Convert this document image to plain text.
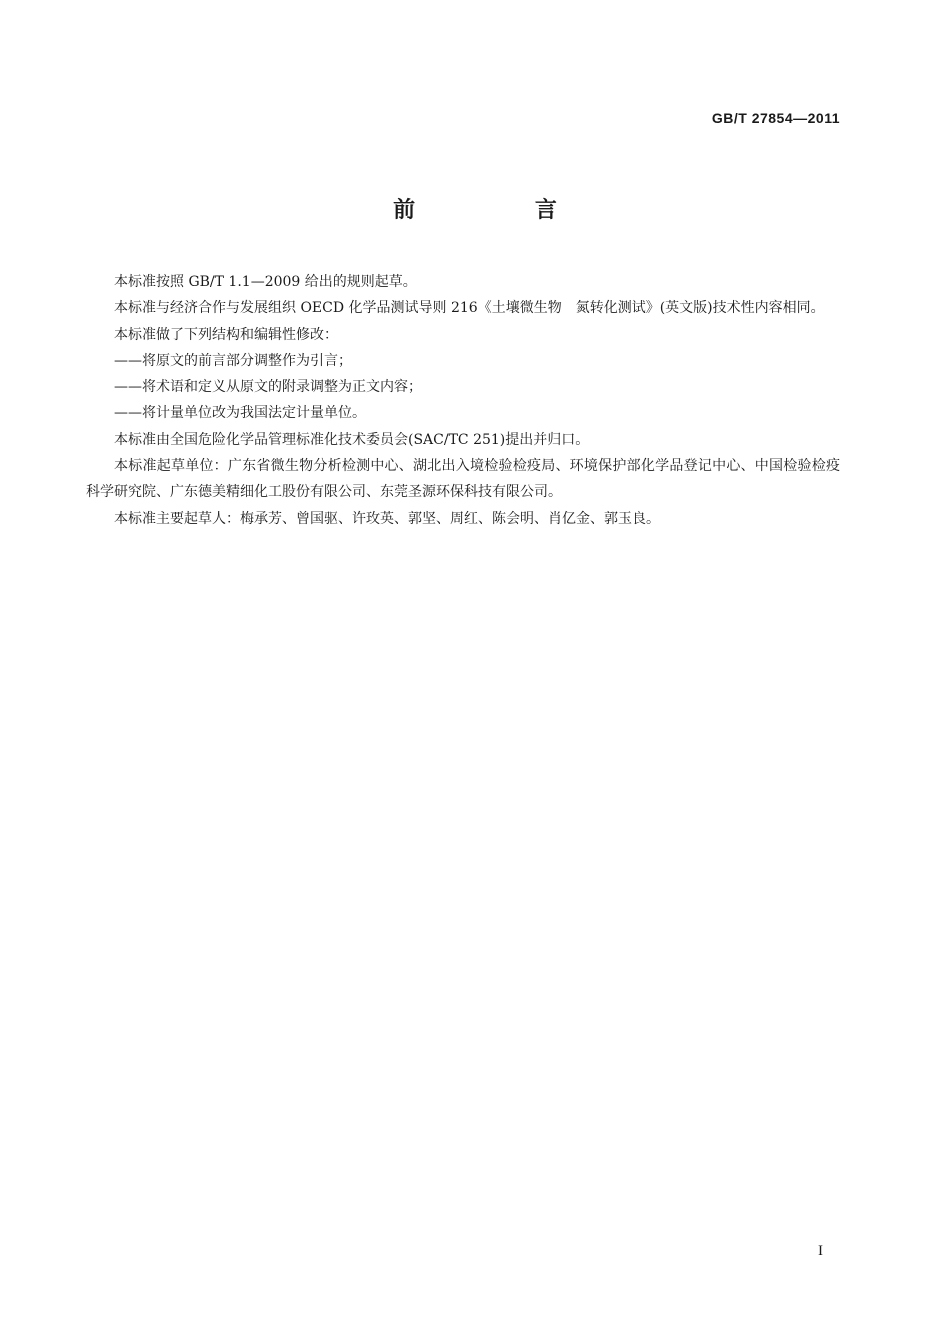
GB/T 27854—2011
前 言

本标准按照 GB/T 1.1—2009 给出的规则起草。

本标准与经济合作与发展组织 OECD 化学品测试导则 216《土壤微生物　氮转化测试》(英文版)技术性内容相同。

本标准做了下列结构和编辑性修改：

——将原文的前言部分调整作为引言；

——将术语和定义从原文的附录调整为正文内容；

——将计量单位改为我国法定计量单位。

本标准由全国危险化学品管理标准化技术委员会(SAC/TC 251)提出并归口。

本标准起草单位：广东省微生物分析检测中心、湖北出入境检验检疫局、环境保护部化学品登记中心、中国检验检疫科学研究院、广东德美精细化工股份有限公司、东莞圣源环保科技有限公司。

本标准主要起草人：梅承芳、曾国驱、许玫英、郭坚、周红、陈会明、肖亿金、郭玉良。

I
